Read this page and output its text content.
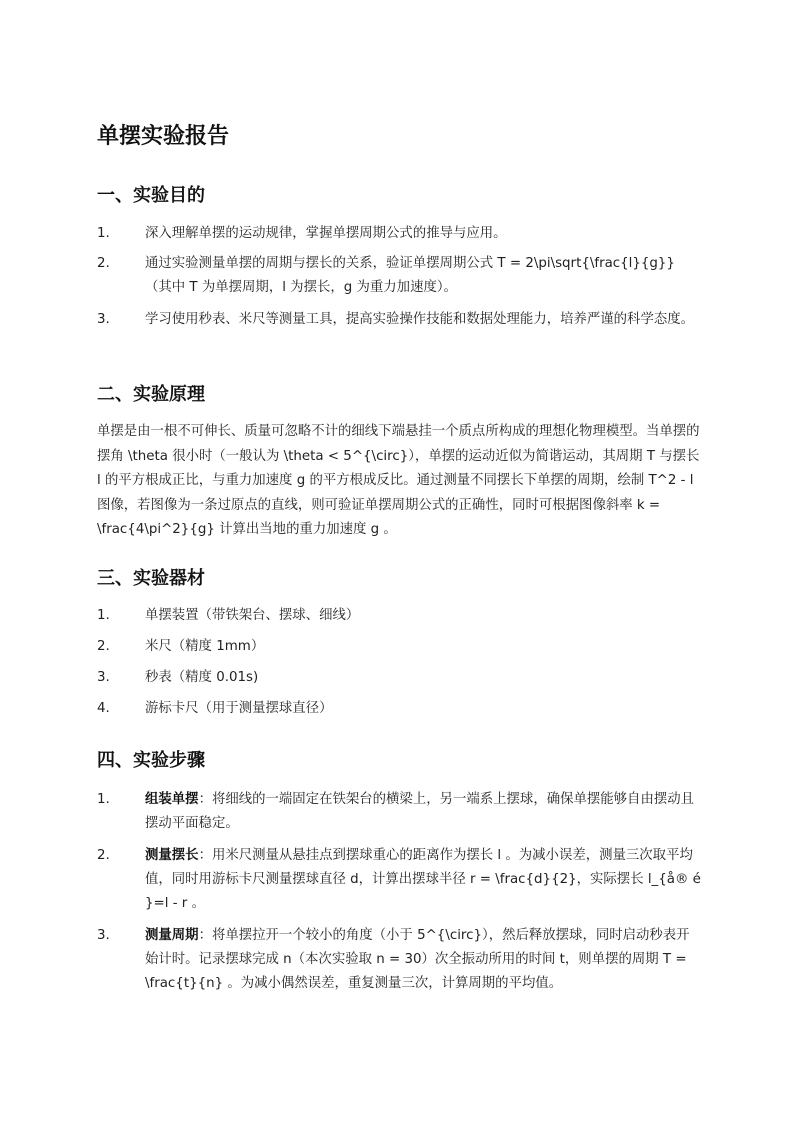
单摆实验报告
一、实验目的
1.	深入理解单摆的运动规律，掌握单摆周期公式的推导与应用。
2.	通过实验测量单摆的周期与摆长的关系，验证单摆周期公式 T = 2\pi\sqrt{\frac{l}{g}} （其中 T 为单摆周期，l 为摆长，g 为重力加速度）。
3.	学习使用秒表、米尺等测量工具，提高实验操作技能和数据处理能力，培养严谨的科学态度。
二、实验原理

单摆是由一根不可伸长、质量可忽略不计的细线下端悬挂一个质点所构成的理想化物理模型。当单摆的摆角 \theta 很小时（一般认为 \theta < 5^{\circ}），单摆的运动近似为简谐运动，其周期 T 与摆长 l 的平方根成正比，与重力加速度 g 的平方根成反比。通过测量不同摆长下单摆的周期，绘制 T^2 - l 图像，若图像为一条过原点的直线，则可验证单摆周期公式的正确性，同时可根据图像斜率 k = \frac{4\pi^2}{g} 计算出当地的重力加速度 g 。

三、实验器材
1.	单摆装置（带铁架台、摆球、细线）
2.	米尺（精度 1mm）
3.	秒表（精度 0.01s)
4.	游标卡尺（用于测量摆球直径）
四、实验步骤
1.	组装单摆：将细线的一端固定在铁架台的横梁上，另一端系上摆球，确保单摆能够自由摆动且摆动平面稳定。
2.	测量摆长：用米尺测量从悬挂点到摆球重心的距离作为摆长 l 。为减小误差，测量三次取平均值，同时用游标卡尺测量摆球直径 d，计算出摆球半径 r = \frac{d}{2}，实际摆长 l_{å® é }=l - r 。
3.	测量周期：将单摆拉开一个较小的角度（小于 5^{\circ}），然后释放摆球，同时启动秒表开始计时。记录摆球完成 n（本次实验取 n = 30）次全振动所用的时间 t，则单摆的周期 T = \frac{t}{n} 。为减小偶然误差，重复测量三次，计算周期的平均值。
